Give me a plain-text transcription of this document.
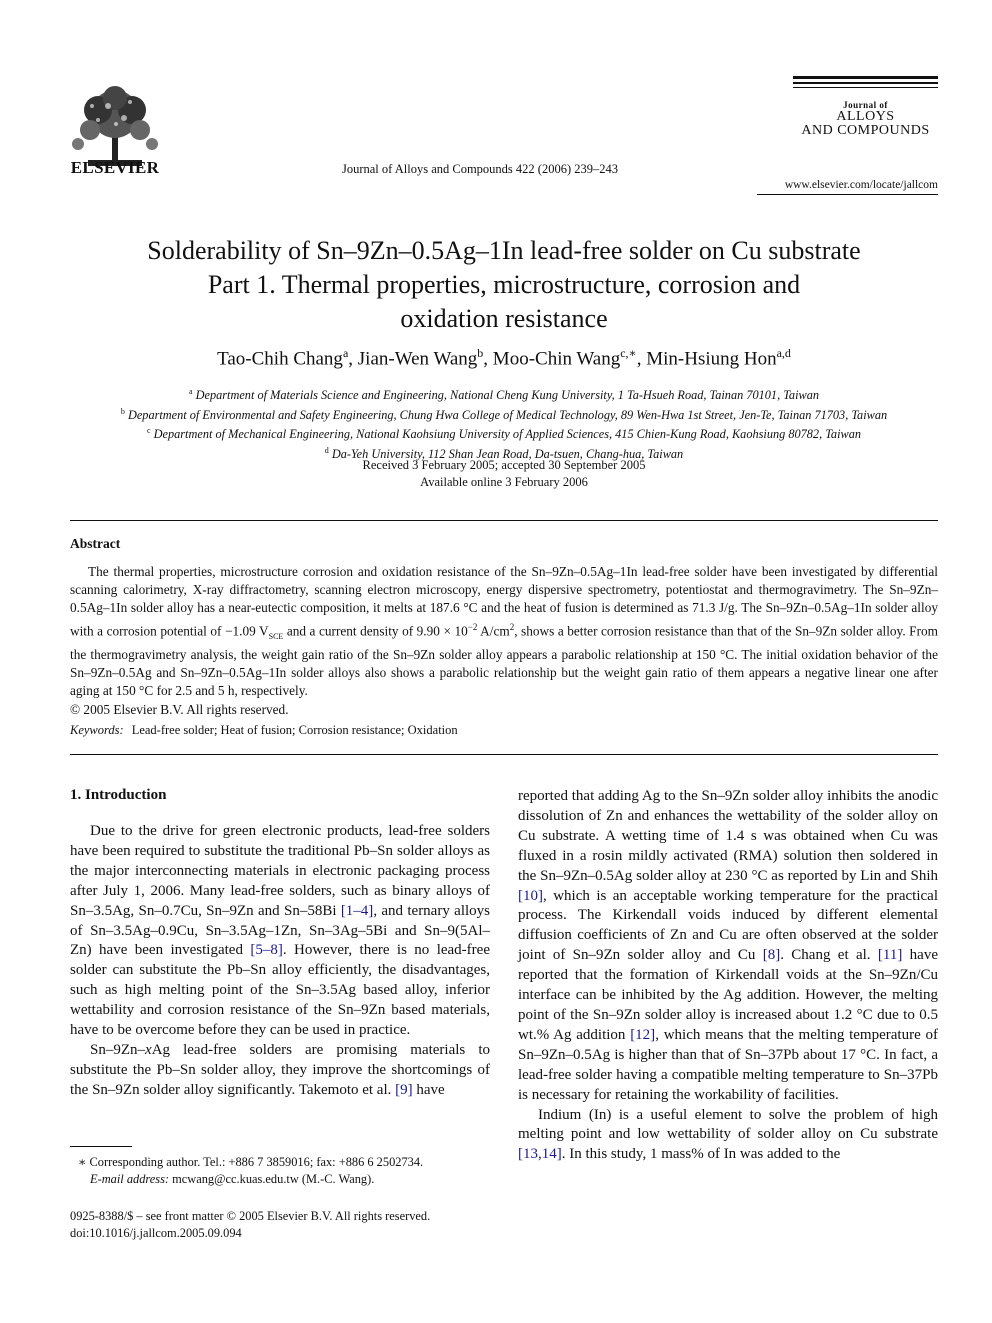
ELSEVIER	Journal of Alloys and Compounds 422 (2006) 239–243
Journal of
ALLOYS
AND COMPOUNDS
www.elsevier.com/locate/jallcom
Solderability of Sn–9Zn–0.5Ag–1In lead-free solder on Cu substrate
Part 1. Thermal properties, microstructure, corrosion and
oxidation resistance
Tao-Chih Chang$^a$, Jian-Wen Wang$^b$, Moo-Chin Wang$^{c,∗}$, Min-Hsiung Hon$^{a,d}$
$^a$ Department of Materials Science and Engineering, National Cheng Kung University, 1 Ta-Hsueh Road, Tainan 70101, Taiwan
$^b$ Department of Environmental and Safety Engineering, Chung Hwa College of Medical Technology, 89 Wen-Hwa 1st Street, Jen-Te, Tainan 71703, Taiwan
$^c$ Department of Mechanical Engineering, National Kaohsiung University of Applied Sciences, 415 Chien-Kung Road, Kaohsiung 80782, Taiwan
$^d$ Da-Yeh University, 112 Shan Jean Road, Da-tsuen, Chang-hua, Taiwan
Received 3 February 2005; accepted 30 September 2005
Available online 3 February 2006
Abstract

The thermal properties, microstructure corrosion and oxidation resistance of the Sn–9Zn–0.5Ag–1In lead-free solder have been investigated by differential scanning calorimetry, X-ray diffractometry, scanning electron microscopy, energy dispersive spectrometry, potentiostat and thermogravimetry. The Sn–9Zn–0.5Ag–1In solder alloy has a near-eutectic composition, it melts at 187.6 °C and the heat of fusion is determined as 71.3 J/g. The Sn–9Zn–0.5Ag–1In solder alloy with a corrosion potential of −1.09 $V_{SCE}$ and a current density of $9.90 \times 10^{-2}$ $A/cm^2$, shows a better corrosion resistance than that of the Sn–9Zn solder alloy. From the thermogravimetry analysis, the weight gain ratio of the Sn–9Zn solder alloy appears a parabolic relationship at 150 °C. The initial oxidation behavior of the Sn–9Zn–0.5Ag and Sn–9Zn–0.5Ag–1In solder alloys also shows a parabolic relationship but the weight gain ratio of them appears a negative linear one after aging at 150 °C for 2.5 and 5 h, respectively.

© 2005 Elsevier B.V. All rights reserved.

Keywords: Lead-free solder; Heat of fusion; Corrosion resistance; Oxidation
1. Introduction

Due to the drive for green electronic products, lead-free solders have been required to substitute the traditional Pb–Sn solder alloys as the major interconnecting materials in electronic packaging process after July 1, 2006. Many lead-free solders, such as binary alloys of Sn–3.5Ag, Sn–0.7Cu, Sn–9Zn and Sn–58Bi [1–4], and ternary alloys of Sn–3.5Ag–0.9Cu, Sn–3.5Ag–1Zn, Sn–3Ag–5Bi and Sn–9(5Al–Zn) have been investigated [5–8]. However, there is no lead-free solder can substitute the Pb–Sn alloy efficiently, the disadvantages, such as high melting point of the Sn–3.5Ag based alloy, inferior wettability and corrosion resistance of the Sn–9Zn based materials, have to be overcome before they can be used in practice.

Sn–9Zn–xAg lead-free solders are promising materials to substitute the Pb–Sn solder alloy, they improve the shortcomings of the Sn–9Zn solder alloy significantly. Takemoto et al. [9] have

∗ Corresponding author. Tel.: +886 7 3859016; fax: +886 6 2502734.
E-mail address: mcwang@cc.kuas.edu.tw (M.-C. Wang).
0925-8388/$ – see front matter © 2005 Elsevier B.V. All rights reserved.
doi:10.1016/j.jallcom.2005.09.094

reported that adding Ag to the Sn–9Zn solder alloy inhibits the anodic dissolution of Zn and enhances the wettability of the solder alloy on Cu substrate. A wetting time of 1.4 s was obtained when Cu was fluxed in a rosin mildly activated (RMA) solution then soldered in the Sn–9Zn–0.5Ag solder alloy at 230 °C as reported by Lin and Shih [10], which is an acceptable working temperature for the practical process. The Kirkendall voids induced by different elemental diffusion coefficients of Zn and Cu are often observed at the solder joint of Sn–9Zn solder alloy and Cu [8]. Chang et al. [11] have reported that the formation of Kirkendall voids at the Sn–9Zn/Cu interface can be inhibited by the Ag addition. However, the melting point of the Sn–9Zn solder alloy is increased about 1.2 °C due to 0.5 wt.% Ag addition [12], which means that the melting temperature of Sn–9Zn–0.5Ag is higher than that of Sn–37Pb about 17 °C. In fact, a lead-free solder having a compatible melting temperature to Sn–37Pb is necessary for retaining the workability of facilities.

Indium (In) is a useful element to solve the problem of high melting point and low wettability of solder alloy on Cu substrate [13,14]. In this study, 1 mass% of In was added to the
